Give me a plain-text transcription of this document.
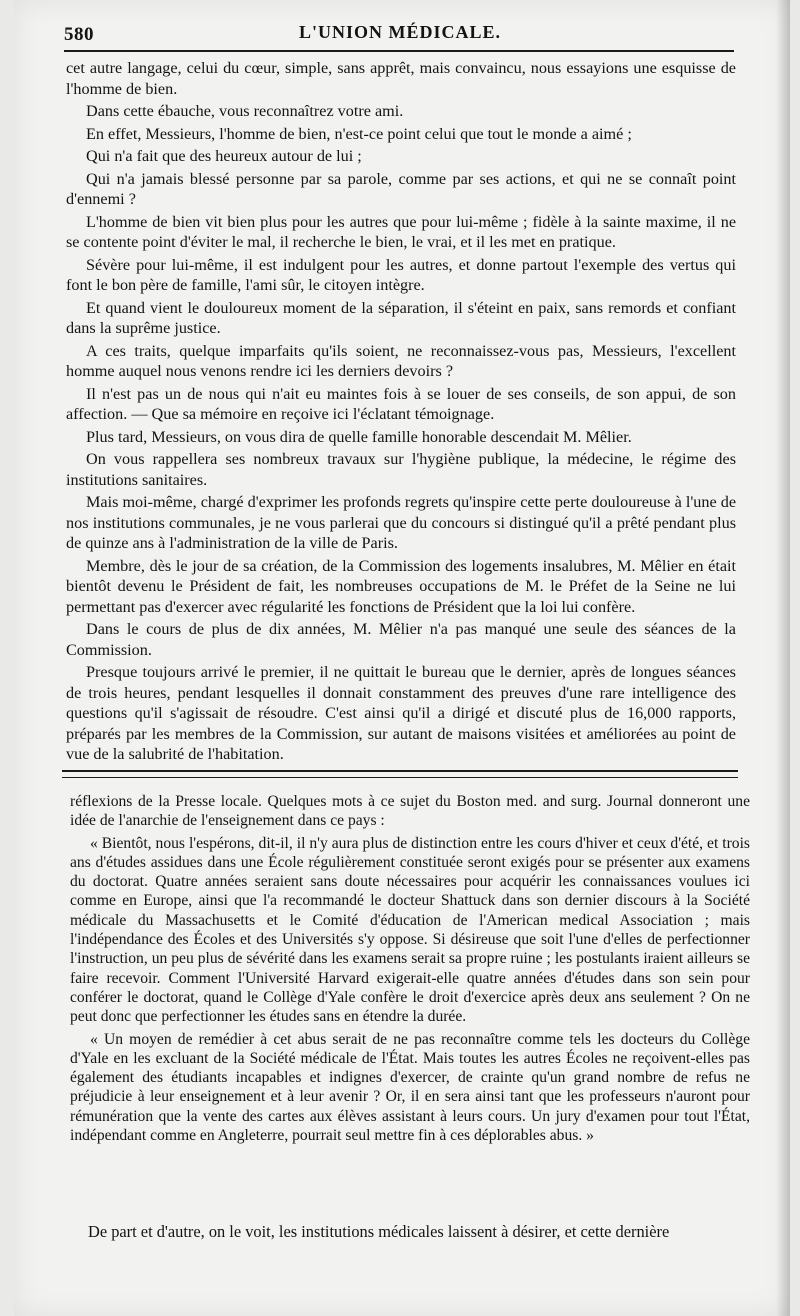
580	L'UNION MÉDICALE.

cet autre langage, celui du cœur, simple, sans apprêt, mais convaincu, nous essayions une esquisse de l'homme de bien.

Dans cette ébauche, vous reconnaîtrez votre ami.

En effet, Messieurs, l'homme de bien, n'est-ce point celui que tout le monde a aimé ;

Qui n'a fait que des heureux autour de lui ;

Qui n'a jamais blessé personne par sa parole, comme par ses actions, et qui ne se connaît point d'ennemi ?

L'homme de bien vit bien plus pour les autres que pour lui-même ; fidèle à la sainte maxime, il ne se contente point d'éviter le mal, il recherche le bien, le vrai, et il les met en pratique.

Sévère pour lui-même, il est indulgent pour les autres, et donne partout l'exemple des vertus qui font le bon père de famille, l'ami sûr, le citoyen intègre.

Et quand vient le douloureux moment de la séparation, il s'éteint en paix, sans remords et confiant dans la suprême justice.

A ces traits, quelque imparfaits qu'ils soient, ne reconnaissez-vous pas, Messieurs, l'excellent homme auquel nous venons rendre ici les derniers devoirs ?

Il n'est pas un de nous qui n'ait eu maintes fois à se louer de ses conseils, de son appui, de son affection. — Que sa mémoire en reçoive ici l'éclatant témoignage.

Plus tard, Messieurs, on vous dira de quelle famille honorable descendait M. Mêlier.

On vous rappellera ses nombreux travaux sur l'hygiène publique, la médecine, le régime des institutions sanitaires.

Mais moi-même, chargé d'exprimer les profonds regrets qu'inspire cette perte douloureuse à l'une de nos institutions communales, je ne vous parlerai que du concours si distingué qu'il a prêté pendant plus de quinze ans à l'administration de la ville de Paris.

Membre, dès le jour de sa création, de la Commission des logements insalubres, M. Mêlier en était bientôt devenu le Président de fait, les nombreuses occupations de M. le Préfet de la Seine ne lui permettant pas d'exercer avec régularité les fonctions de Président que la loi lui confère.

Dans le cours de plus de dix années, M. Mêlier n'a pas manqué une seule des séances de la Commission.

Presque toujours arrivé le premier, il ne quittait le bureau que le dernier, après de longues séances de trois heures, pendant lesquelles il donnait constamment des preuves d'une rare intelligence des questions qu'il s'agissait de résoudre. C'est ainsi qu'il a dirigé et discuté plus de 16,000 rapports, préparés par les membres de la Commission, sur autant de maisons visitées et améliorées au point de vue de la salubrité de l'habitation.

réflexions de la Presse locale. Quelques mots à ce sujet du Boston med. and surg. Journal donneront une idée de l'anarchie de l'enseignement dans ce pays :

« Bientôt, nous l'espérons, dit-il, il n'y aura plus de distinction entre les cours d'hiver et ceux d'été, et trois ans d'études assidues dans une École régulièrement constituée seront exigés pour se présenter aux examens du doctorat. Quatre années seraient sans doute nécessaires pour acquérir les connaissances voulues ici comme en Europe, ainsi que l'a recommandé le docteur Shattuck dans son dernier discours à la Société médicale du Massachusetts et le Comité d'éducation de l'American medical Association ; mais l'indépendance des Écoles et des Universités s'y oppose. Si désireuse que soit l'une d'elles de perfectionner l'instruction, un peu plus de sévérité dans les examens serait sa propre ruine ; les postulants iraient ailleurs se faire recevoir. Comment l'Université Harvard exigerait-elle quatre années d'études dans son sein pour conférer le doctorat, quand le Collège d'Yale confère le droit d'exercice après deux ans seulement ? On ne peut donc que perfectionner les études sans en étendre la durée.

« Un moyen de remédier à cet abus serait de ne pas reconnaître comme tels les docteurs du Collège d'Yale en les excluant de la Société médicale de l'État. Mais toutes les autres Écoles ne reçoivent-elles pas également des étudiants incapables et indignes d'exercer, de crainte qu'un grand nombre de refus ne préjudicie à leur enseignement et à leur avenir ? Or, il en sera ainsi tant que les professeurs n'auront pour rémunération que la vente des cartes aux élèves assistant à leurs cours. Un jury d'examen pour tout l'État, indépendant comme en Angleterre, pourrait seul mettre fin à ces déplorables abus. »

De part et d'autre, on le voit, les institutions médicales laissent à désirer, et cette dernière
